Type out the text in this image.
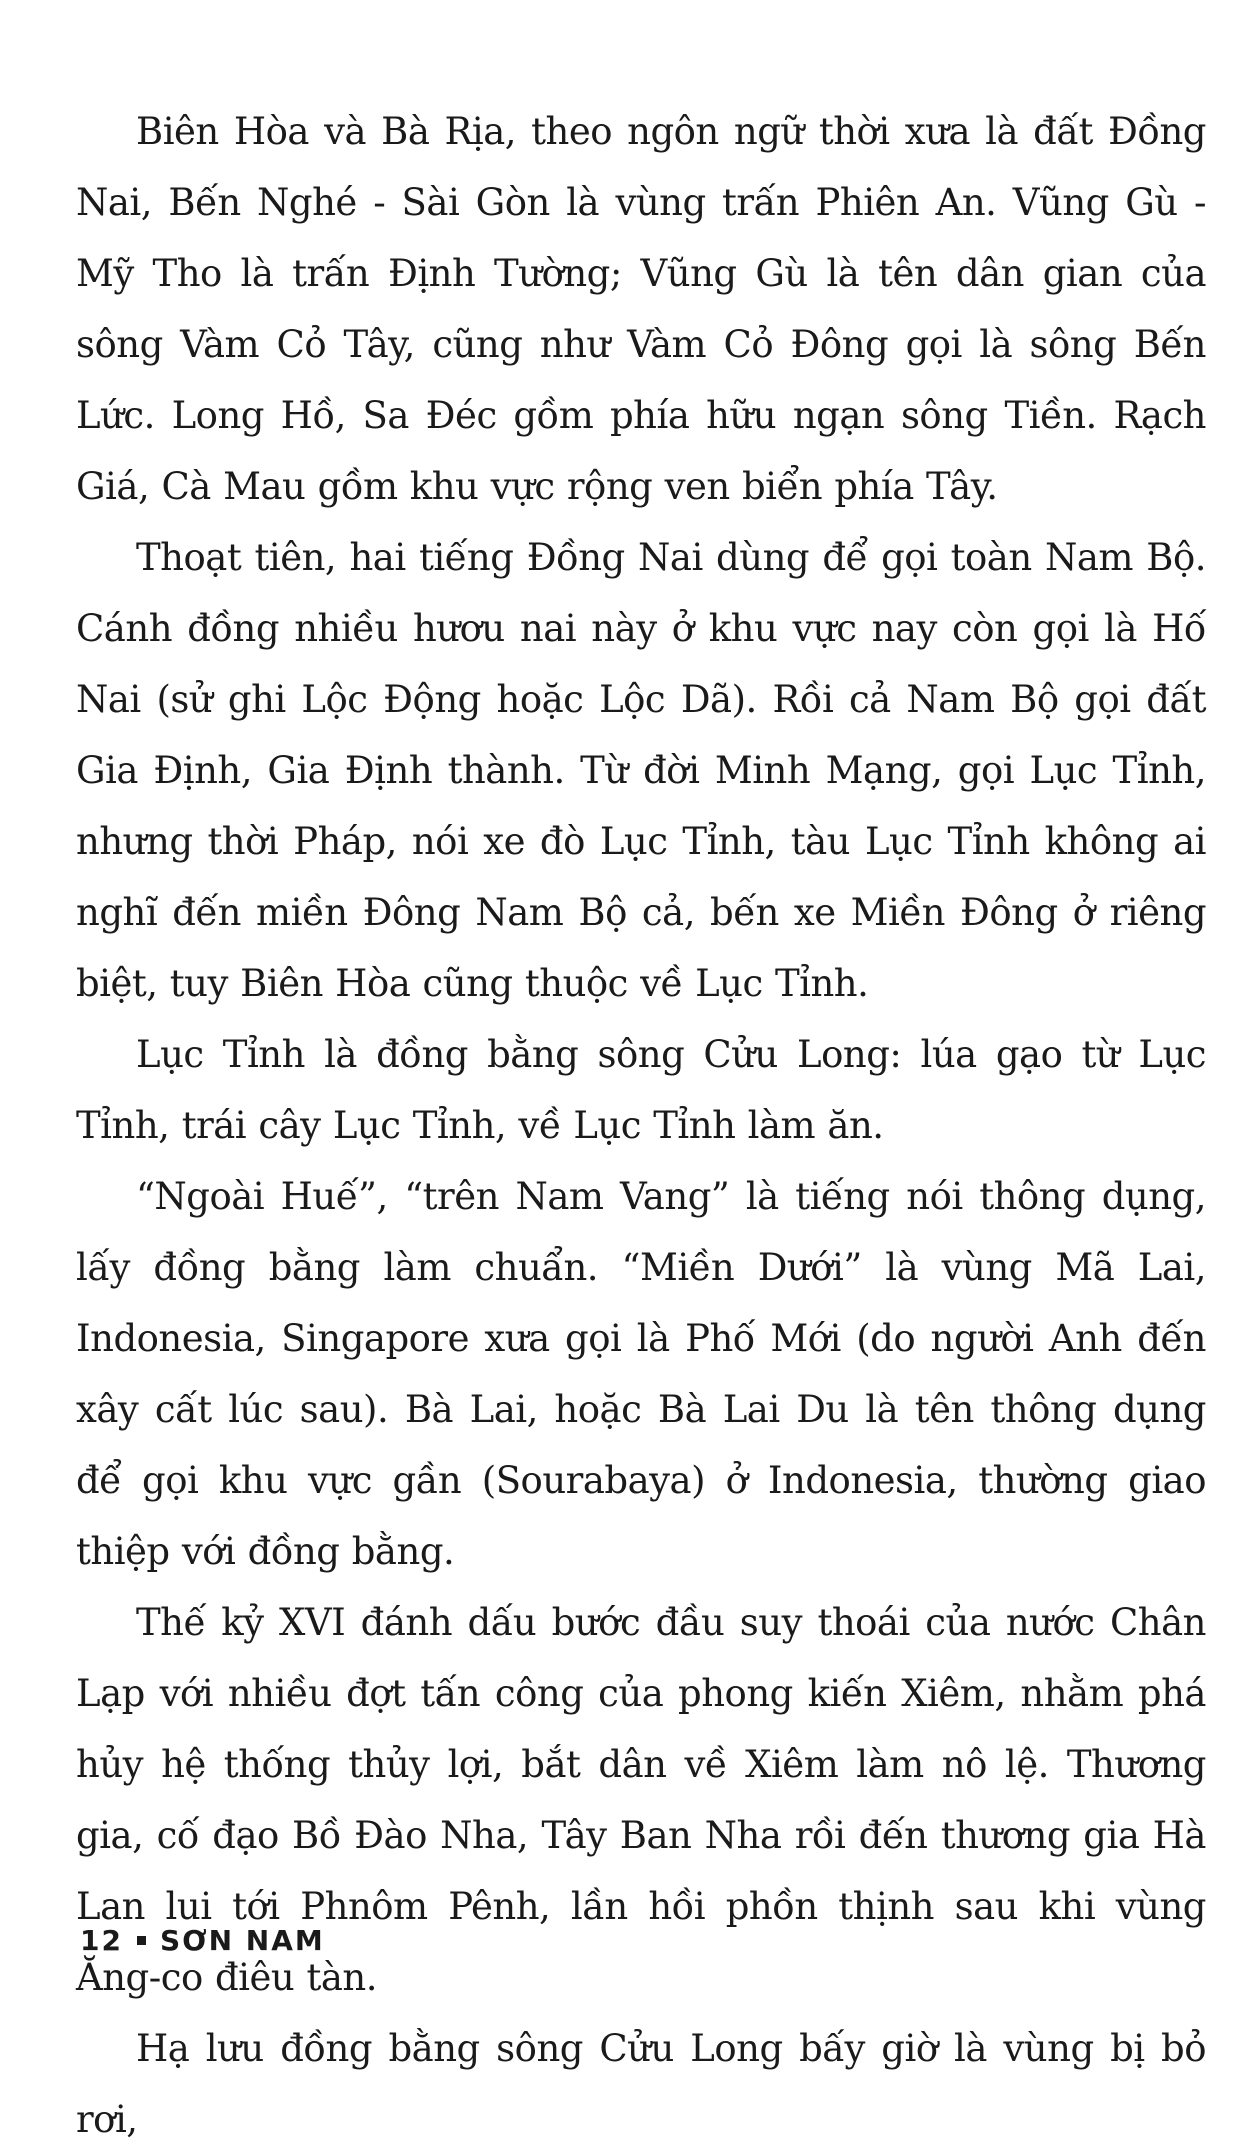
Biên Hòa và Bà Rịa, theo ngôn ngữ thời xưa là đất Đồng Nai, Bến Nghé - Sài Gòn là vùng trấn Phiên An. Vũng Gù - Mỹ Tho là trấn Định Tường; Vũng Gù là tên dân gian của sông Vàm Cỏ Tây, cũng như Vàm Cỏ Đông gọi là sông Bến Lức. Long Hồ, Sa Đéc gồm phía hữu ngạn sông Tiền. Rạch Giá, Cà Mau gồm khu vực rộng ven biển phía Tây.

Thoạt tiên, hai tiếng Đồng Nai dùng để gọi toàn Nam Bộ. Cánh đồng nhiều hươu nai này ở khu vực nay còn gọi là Hố Nai (sử ghi Lộc Động hoặc Lộc Dã). Rồi cả Nam Bộ gọi đất Gia Định, Gia Định thành. Từ đời Minh Mạng, gọi Lục Tỉnh, nhưng thời Pháp, nói xe đò Lục Tỉnh, tàu Lục Tỉnh không ai nghĩ đến miền Đông Nam Bộ cả, bến xe Miền Đông ở riêng biệt, tuy Biên Hòa cũng thuộc về Lục Tỉnh.

Lục Tỉnh là đồng bằng sông Cửu Long: lúa gạo từ Lục Tỉnh, trái cây Lục Tỉnh, về Lục Tỉnh làm ăn.

“Ngoài Huế”, “trên Nam Vang” là tiếng nói thông dụng, lấy đồng bằng làm chuẩn. “Miền Dưới” là vùng Mã Lai, Indonesia, Singapore xưa gọi là Phố Mới (do người Anh đến xây cất lúc sau). Bà Lai, hoặc Bà Lai Du là tên thông dụng để gọi khu vực gần (Sourabaya) ở Indonesia, thường giao thiệp với đồng bằng.

Thế kỷ XVI đánh dấu bước đầu suy thoái của nước Chân Lạp với nhiều đợt tấn công của phong kiến Xiêm, nhằm phá hủy hệ thống thủy lợi, bắt dân về Xiêm làm nô lệ. Thương gia, cố đạo Bồ Đào Nha, Tây Ban Nha rồi đến thương gia Hà Lan lui tới Phnôm Pênh, lần hồi phồn thịnh sau khi vùng Ăng-co điêu tàn.

Hạ lưu đồng bằng sông Cửu Long bấy giờ là vùng bị bỏ rơi,

12 SƠN NAM
